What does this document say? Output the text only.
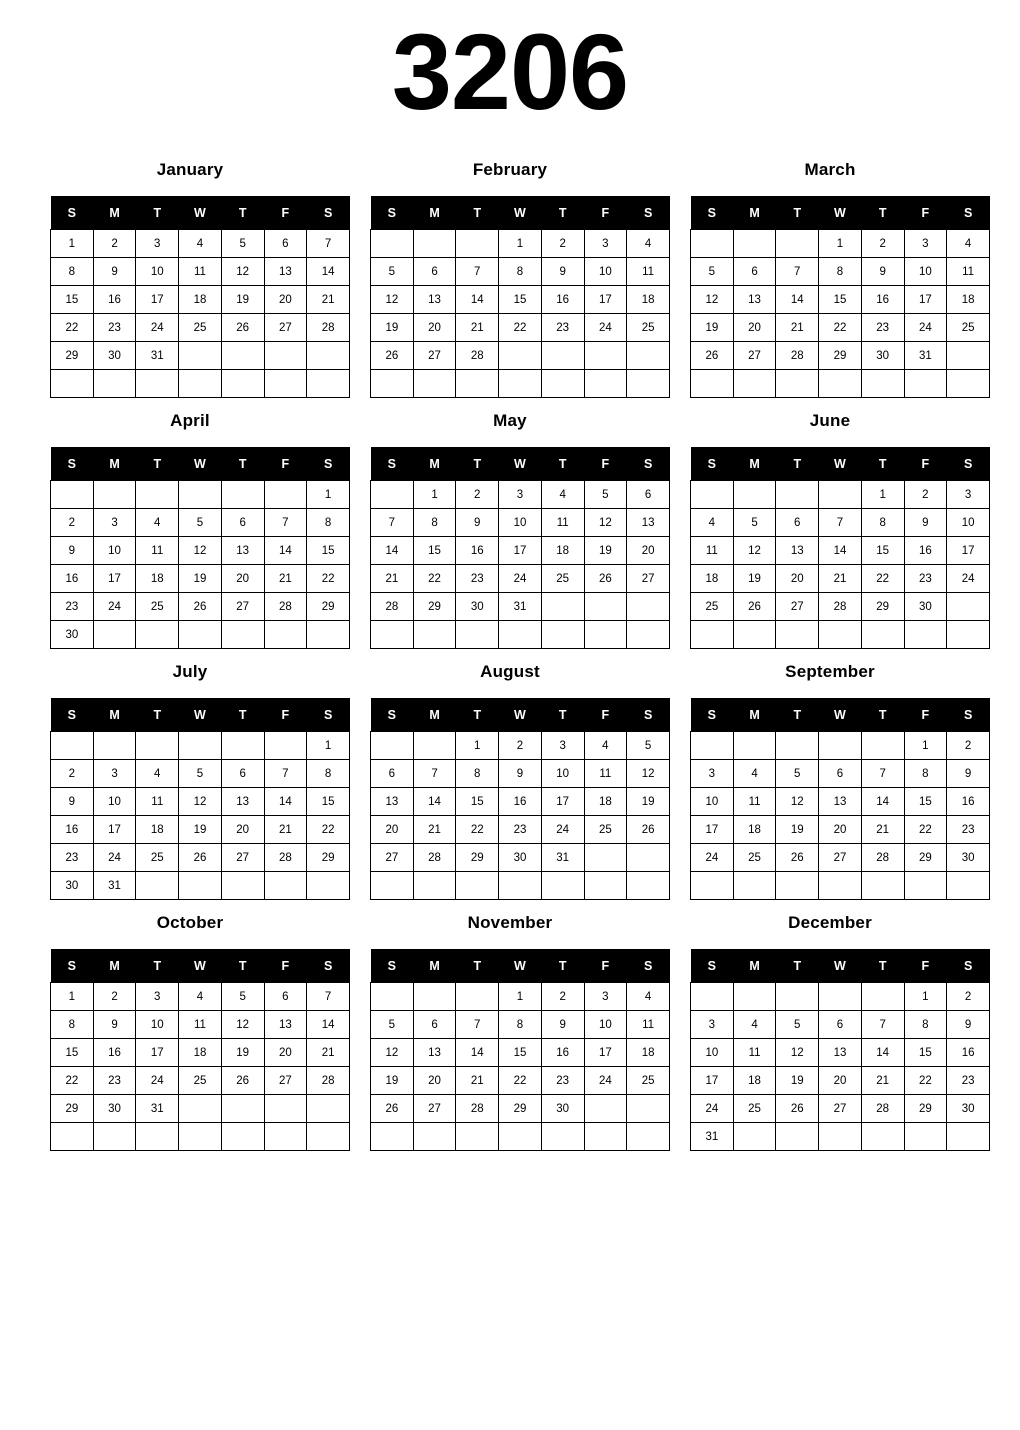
3206
January
S	M	T	W	T	F	S
1	2	3	4	5	6	7
8	9	10	11	12	13	14
15	16	17	18	19	20	21
22	23	24	25	26	27	28
29	30	31				

February
S	M	T	W	T	F	S
			1	2	3	4
5	6	7	8	9	10	11
12	13	14	15	16	17	18
19	20	21	22	23	24	25
26	27	28				

March
S	M	T	W	T	F	S
			1	2	3	4
5	6	7	8	9	10	11
12	13	14	15	16	17	18
19	20	21	22	23	24	25
26	27	28	29	30	31	

April
S	M	T	W	T	F	S
						1
2	3	4	5	6	7	8
9	10	11	12	13	14	15
16	17	18	19	20	21	22
23	24	25	26	27	28	29
30						
May
S	M	T	W	T	F	S
	1	2	3	4	5	6
7	8	9	10	11	12	13
14	15	16	17	18	19	20
21	22	23	24	25	26	27
28	29	30	31			

June
S	M	T	W	T	F	S
				1	2	3
4	5	6	7	8	9	10
11	12	13	14	15	16	17
18	19	20	21	22	23	24
25	26	27	28	29	30	

July
S	M	T	W	T	F	S
						1
2	3	4	5	6	7	8
9	10	11	12	13	14	15
16	17	18	19	20	21	22
23	24	25	26	27	28	29
30	31					
August
S	M	T	W	T	F	S
		1	2	3	4	5
6	7	8	9	10	11	12
13	14	15	16	17	18	19
20	21	22	23	24	25	26
27	28	29	30	31		

September
S	M	T	W	T	F	S
					1	2
3	4	5	6	7	8	9
10	11	12	13	14	15	16
17	18	19	20	21	22	23
24	25	26	27	28	29	30

October
S	M	T	W	T	F	S
1	2	3	4	5	6	7
8	9	10	11	12	13	14
15	16	17	18	19	20	21
22	23	24	25	26	27	28
29	30	31				

November
S	M	T	W	T	F	S
			1	2	3	4
5	6	7	8	9	10	11
12	13	14	15	16	17	18
19	20	21	22	23	24	25
26	27	28	29	30		

December
S	M	T	W	T	F	S
					1	2
3	4	5	6	7	8	9
10	11	12	13	14	15	16
17	18	19	20	21	22	23
24	25	26	27	28	29	30
31						
